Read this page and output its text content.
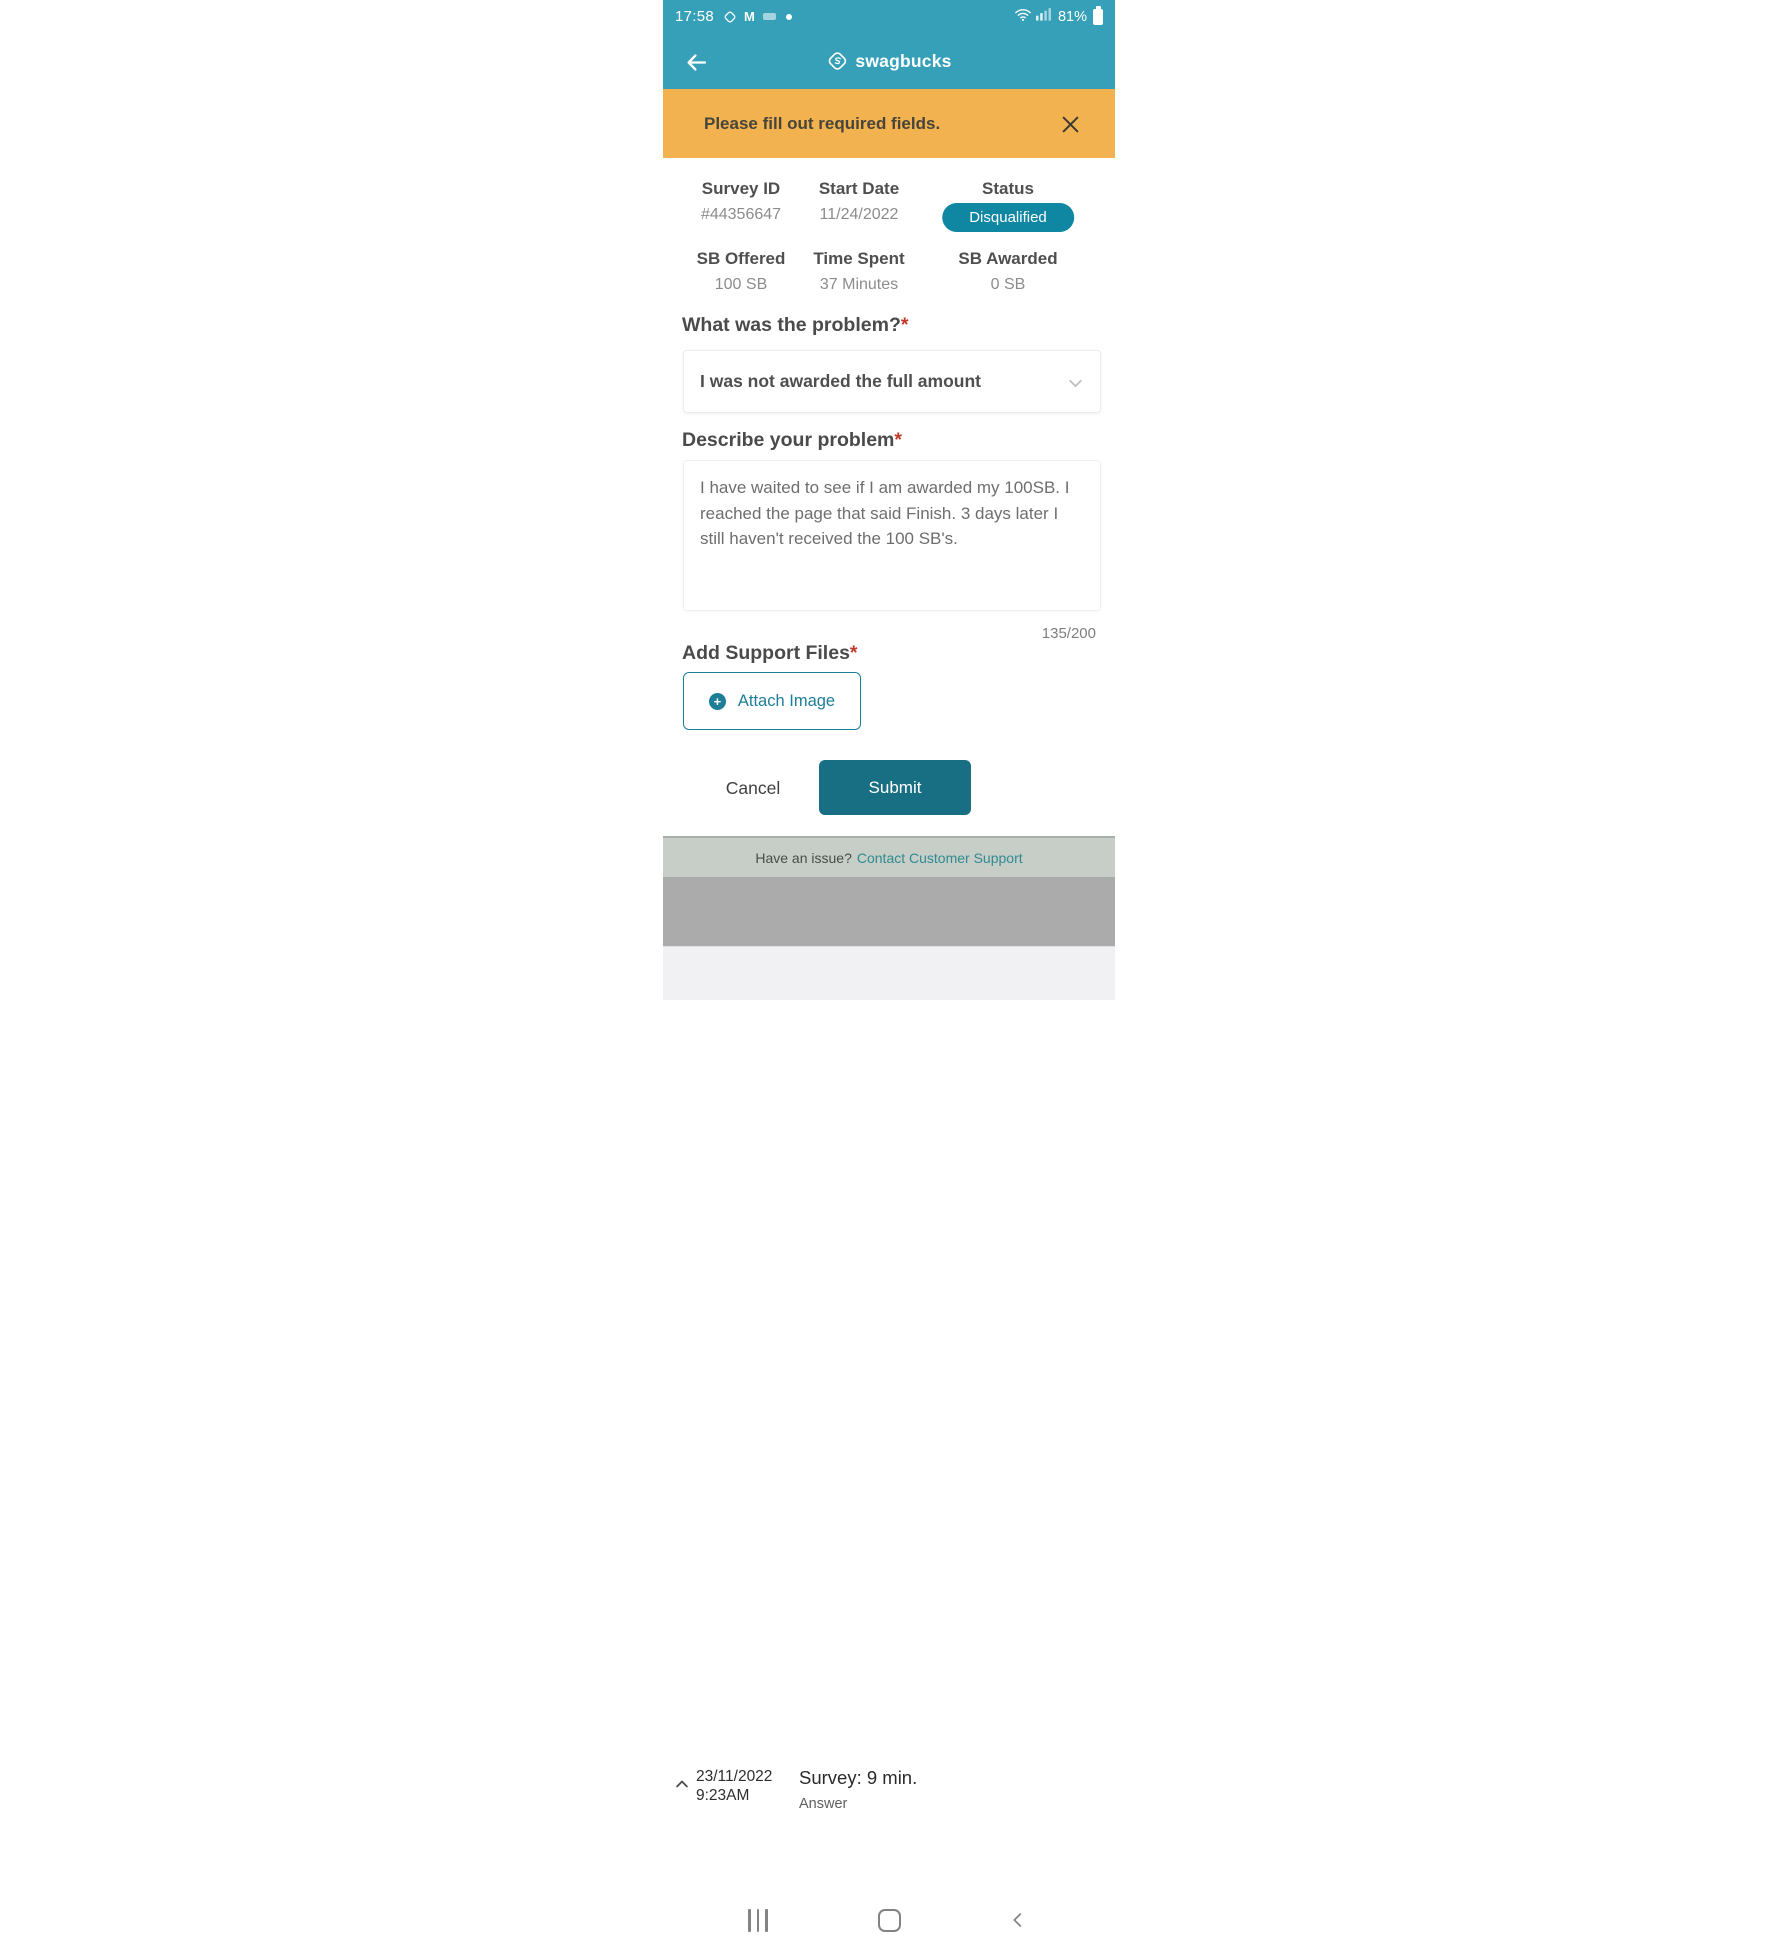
17:58 M	81%
swagbucks
Please fill out required fields.
Survey ID
#44356647
Start Date
11/24/2022
Status
Disqualified
SB Offered
100 SB
Time Spent
37 Minutes
SB Awarded
0 SB
What was the problem?*
I was not awarded the full amount
Describe your problem*
I have waited to see if I am awarded my 100SB. I reached the page that said Finish. 3 days later I still haven't received the 100 SB's.
135/200
Add Support Files*
+ Attach Image
Cancel	Submit
Have an issue? Contact Customer Support
23/11/2022
9:23AM
Survey: 9 min.
Answer
